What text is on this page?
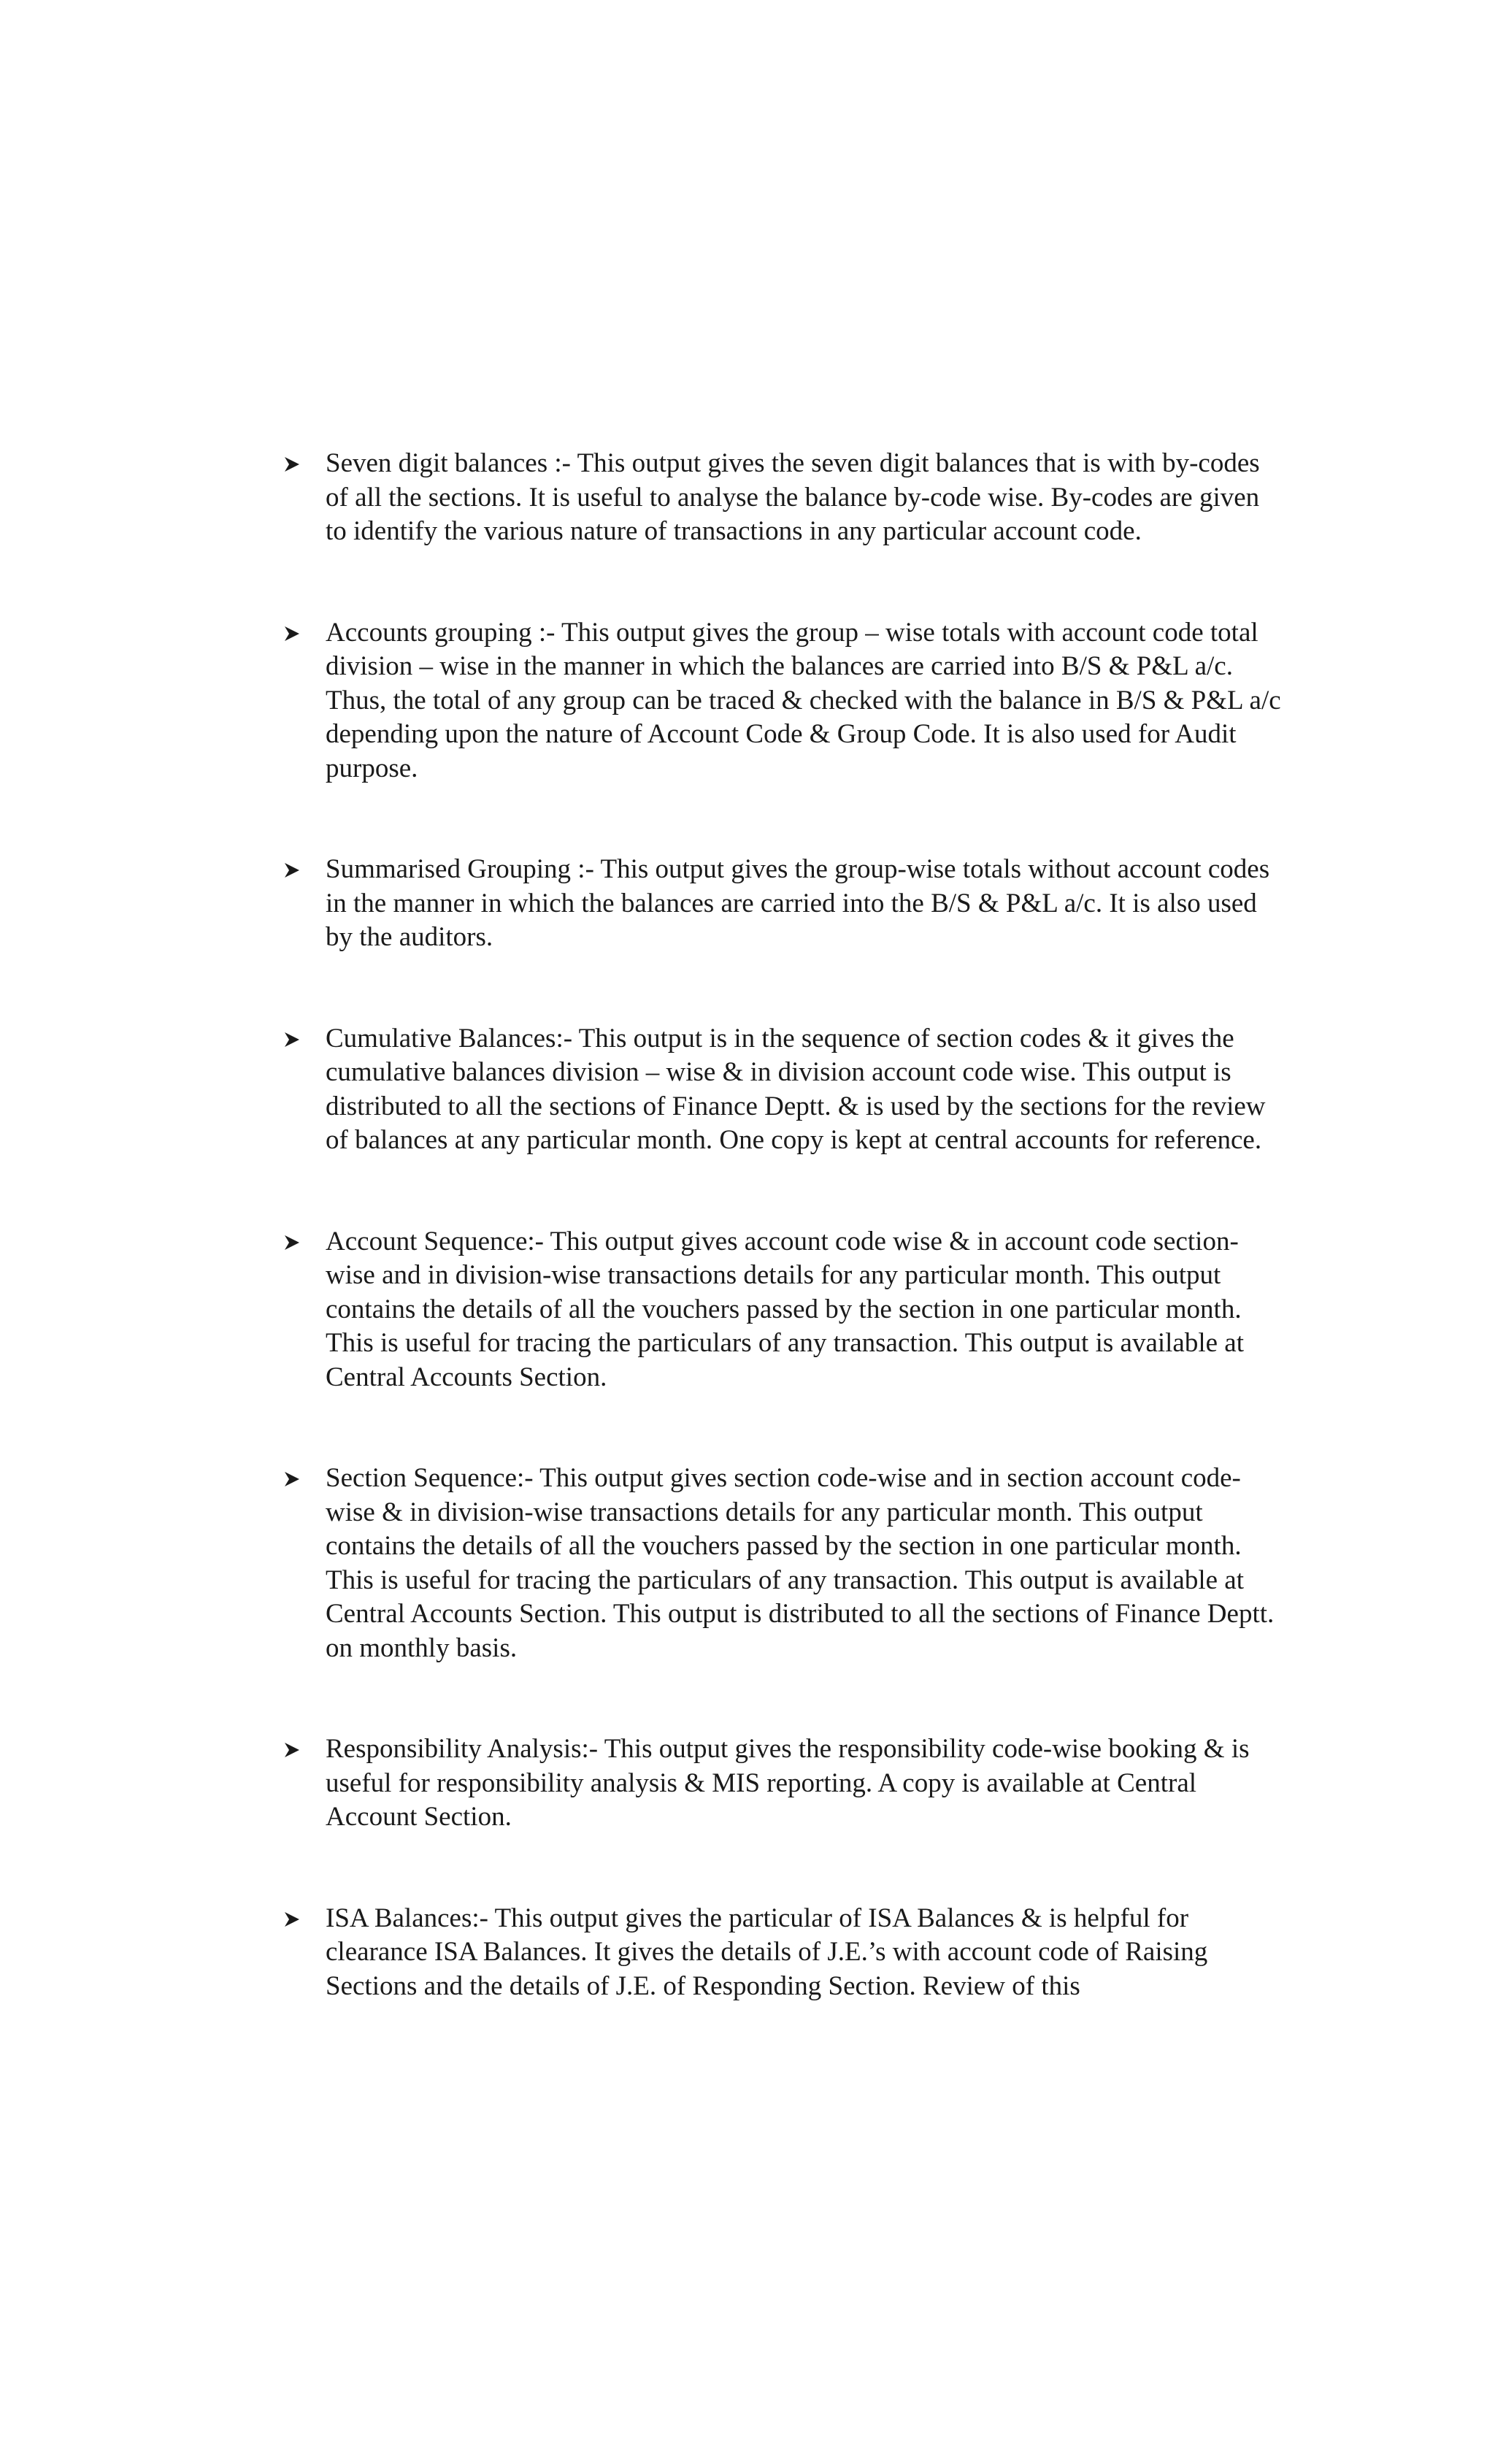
Seven digit balances :- This output gives the seven digit balances that is with by-codes of all the sections. It is useful to analyse the balance by-code wise. By-codes are given to identify the various nature of transactions in any particular account code.
Accounts grouping :- This output gives the group – wise totals with account code total division – wise in the manner in which the balances are carried into B/S & P&L a/c. Thus, the total of any group can be traced & checked with the balance in B/S & P&L a/c depending upon the nature of Account Code & Group Code. It is also used for Audit purpose.
Summarised Grouping :- This output gives the group-wise totals without account codes in the manner in which the balances are carried into the B/S & P&L a/c. It is also used by the auditors.
Cumulative Balances:- This output is in the sequence of section codes & it gives the cumulative balances division – wise & in division account code wise. This output is distributed to all the sections of Finance Deptt. & is used by the sections for the review of balances at any particular month. One copy is kept at central accounts for reference.
Account Sequence:- This output gives account code wise & in account code section-wise and in division-wise transactions details for any particular month. This output contains the details of all the vouchers passed by the section in one particular month. This is useful for tracing the particulars of any transaction. This output is available at Central Accounts Section.
Section Sequence:- This output gives section code-wise and in section account code-wise & in division-wise transactions details for any particular month. This output contains the details of all the vouchers passed by the section in one particular month. This is useful for tracing the particulars of any transaction. This output is available at Central Accounts Section. This output is distributed to all the sections of Finance Deptt. on monthly basis.
Responsibility Analysis:- This output gives the responsibility code-wise booking & is useful for responsibility analysis & MIS reporting. A copy is available at Central Account Section.
ISA Balances:- This output gives the particular of ISA Balances & is helpful for clearance ISA Balances. It gives the details of J.E.’s with account code of Raising Sections and the details of J.E. of Responding Section. Review of this
